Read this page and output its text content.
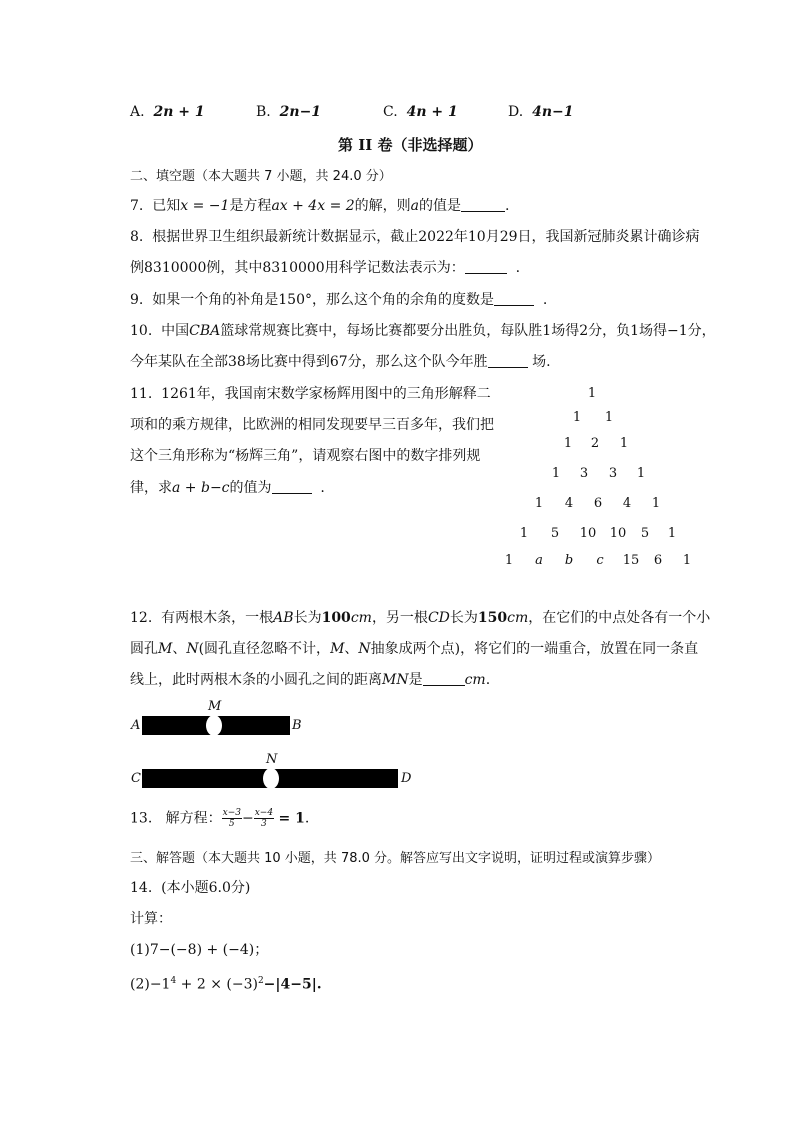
A. 2n + 1	B. 2n−1	C. 4n + 1	D. 4n−1
第 II 卷（非选择题）
二、填空题（本大题共 7 小题，共 24.0 分）
7. 已知x = −1是方程ax + 4x = 2的解，则a的值是	.
8. 根据世界卫生组织最新统计数据显示，截止2022年10月29日，我国新冠肺炎累计确诊病
例8310000例，其中8310000用科学记数法表示为：	.
9. 如果一个角的补角是150°，那么这个角的余角的度数是	.
10. 中国CBA篮球常规赛比赛中，每场比赛都要分出胜负，每队胜1场得2分，负1场得−1分，
今年某队在全部38场比赛中得到67分，那么这个队今年胜	场.
11. 1261年，我国南宋数学家杨辉用图中的三角形解释二
项和的乘方规律，比欧洲的相同发现要早三百多年，我们把
这个三角形称为“杨辉三角”，请观察右图中的数字排列规
律，求a + b−c的值为	.
1
1	1
1	2	1
1	3	3	1
1	4	6	4	1
1	5	10	10	5	1
1	a	b	c	15	6	1
12. 有两根木条，一根AB长为100cm，另一根CD长为150cm，在它们的中点处各有一个小
圆孔M、N(圆孔直径忽略不计，M、N抽象成两个点)，将它们的一端重合，放置在同一条直
线上，此时两根木条的小圆孔之间的距离MN是	cm.
A
M
B
C
N
D
13. 解方程： $\frac{x-3}{5} - \frac{x-4}{3} = 1$.
三、解答题（本大题共 10 小题，共 78.0 分。解答应写出文字说明，证明过程或演算步骤）
14. (本小题6.0分)
计算：
(1)7−(−8) + (−4)；
$(2)-1^4 + 2 \times (-3)^2-|4-5|$.
